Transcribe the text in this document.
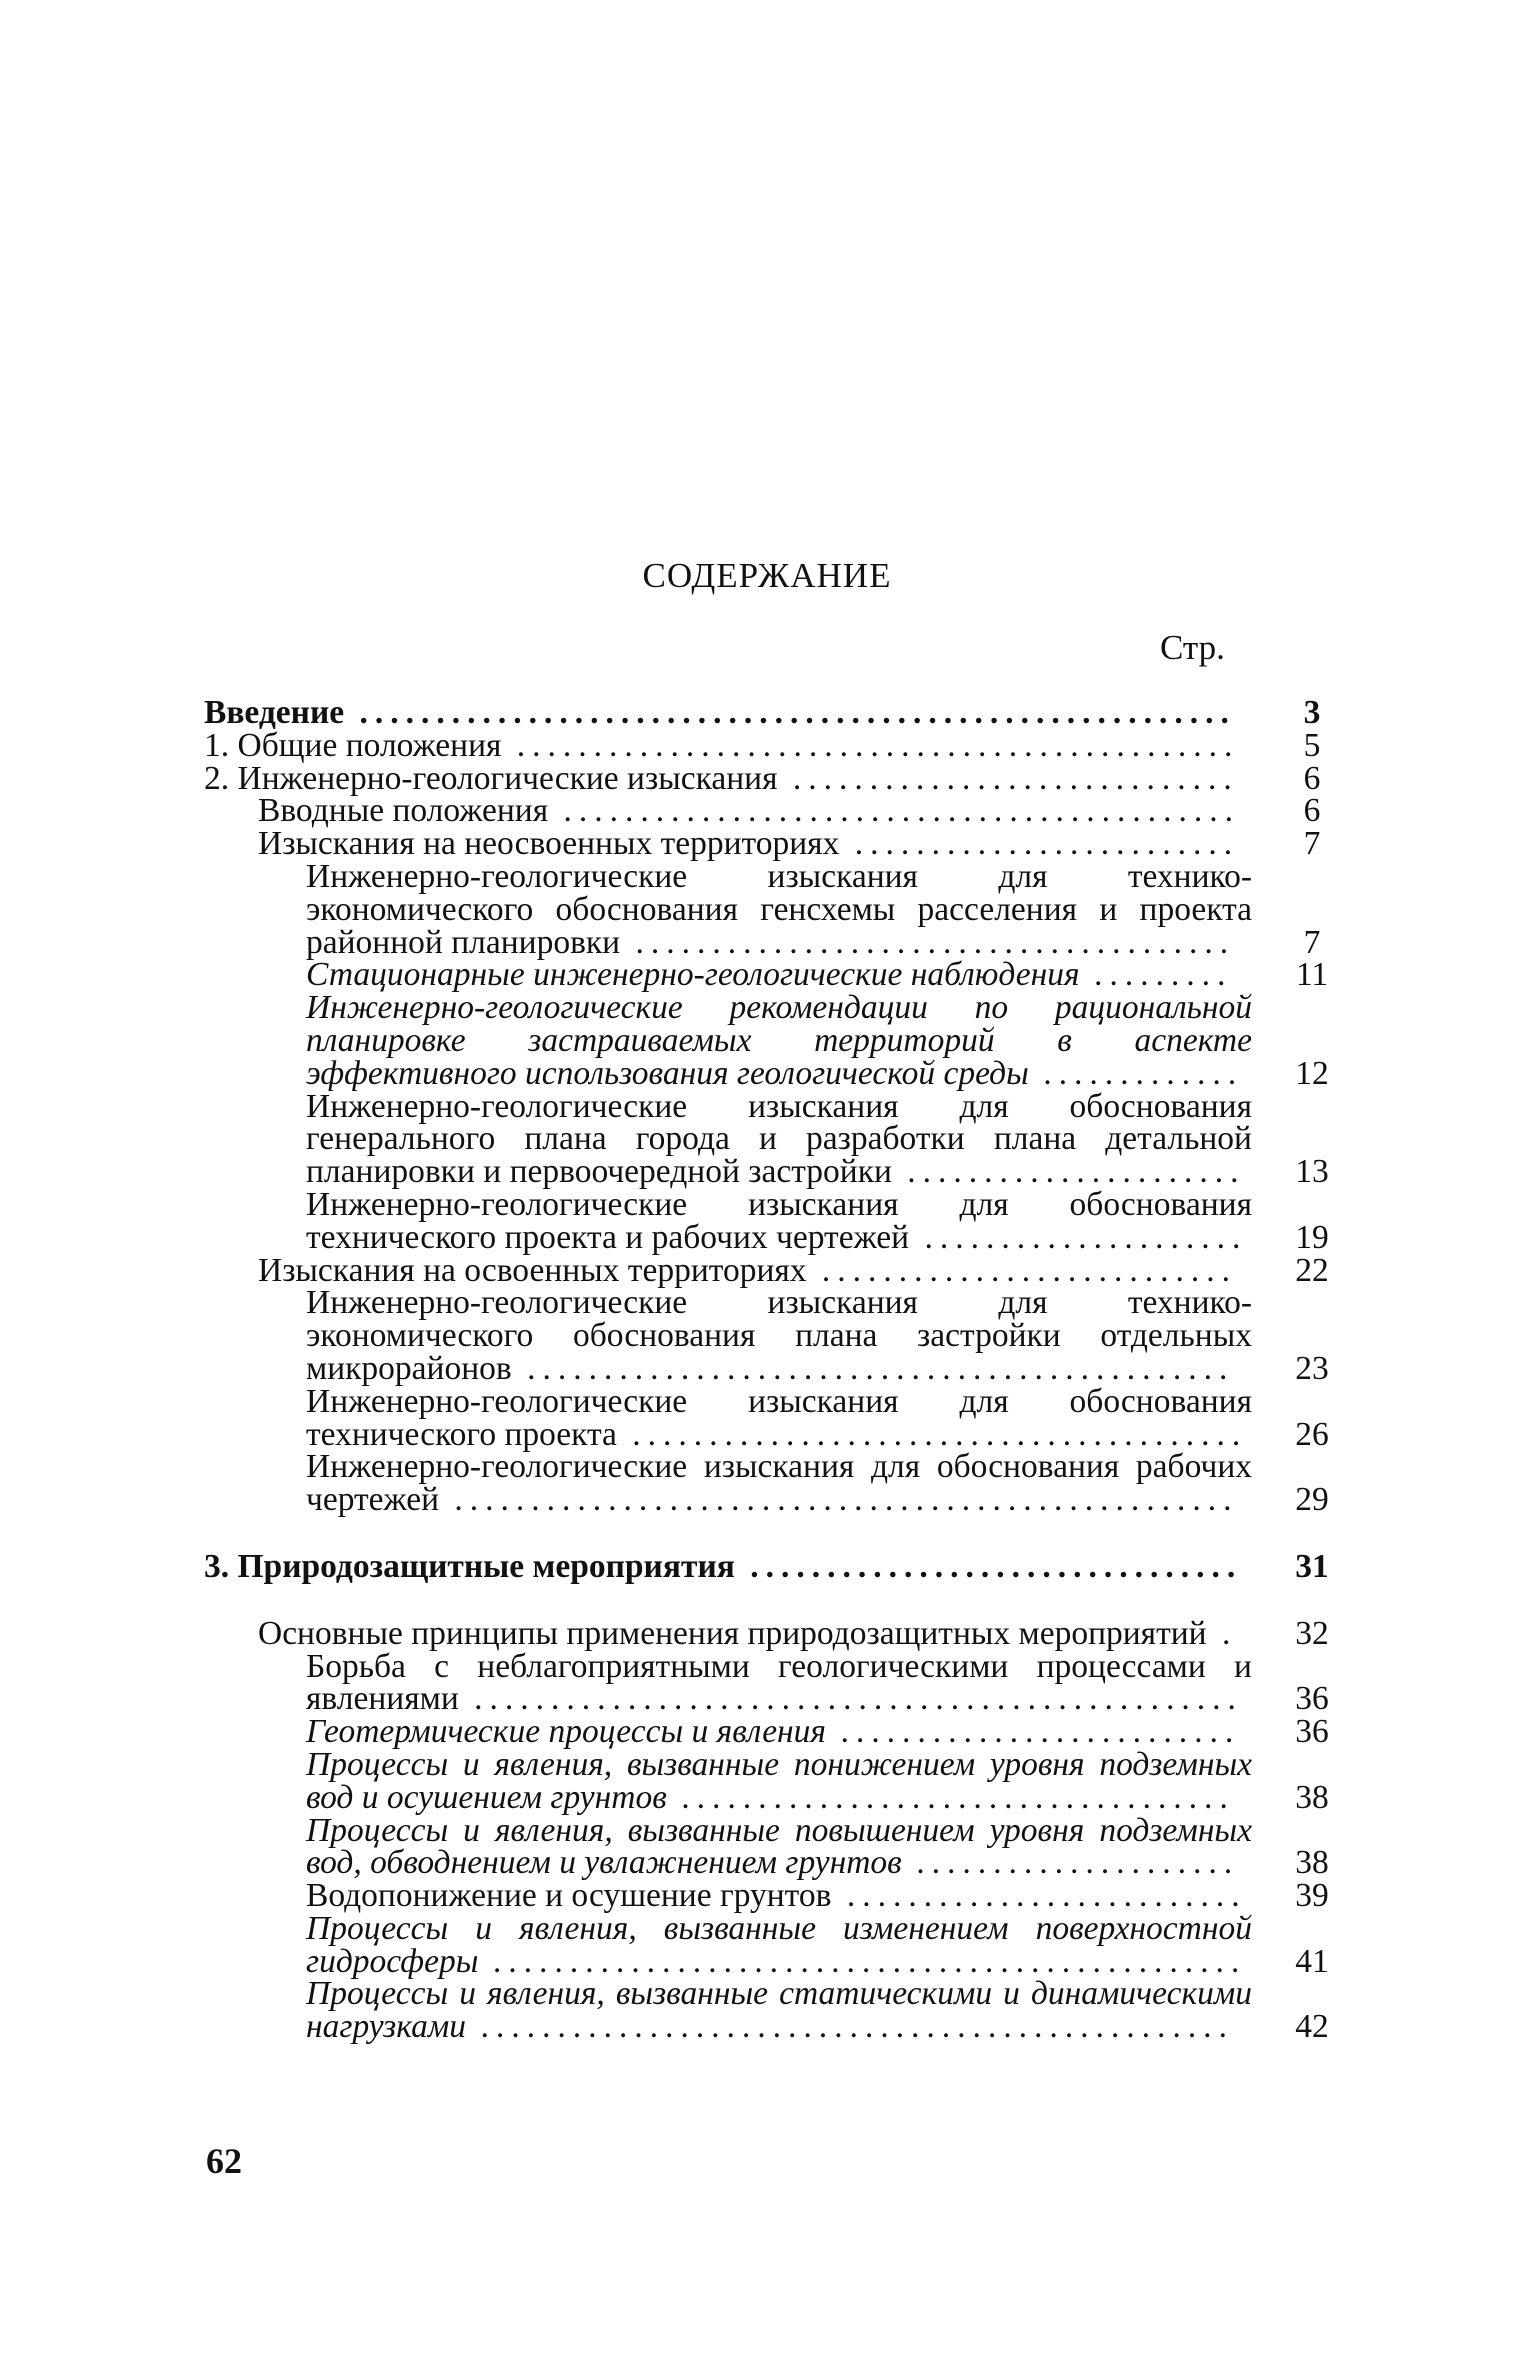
СОДЕРЖАНИЕ
Стр.
Введение .........................................................	3
1. Общие положения ...............................................	5
2. Инженерно-геологические изыскания .............................	6
Вводные положения ............................................	6
Изыскания на неосвоенных территориях .........................	7
Инженерно-геологические изыскания для технико-экономического обоснования генсхемы расселения и проекта районной планировки .......................................	7
Стационарные инженерно-геологические наблюдения .........	11
Инженерно-геологические рекомендации по рациональной планировке застраиваемых территорий в аспекте эффективного использования геологической среды ............. 12
Инженерно-геологические изыскания для обоснования генерального плана города и разработки плана детальной планировки и первоочередной застройки ...................... 13
Инженерно-геологические изыскания для обоснования технического проекта и рабочих чертежей ..................... 19
Изыскания на освоенных территориях ...........................	22
Инженерно-геологические изыскания для технико-экономического обоснования плана застройки отдельных микрорайонов ..............................................	23
Инженерно-геологические изыскания для обоснования технического проекта ........................................ 26
Инженерно-геологические изыскания для обоснования рабочих чертежей ...................................................	29
3. Природозащитные мероприятия ................................ 31
Основные принципы применения природозащитных мероприятий .	32
Борьба с неблагоприятными геологическими процессами и явлениями .................................................. 36
Геотермические процессы и явления ..........................	36
Процессы и явления, вызванные понижением уровня подземных вод и осушением грунтов ....................................	38
Процессы и явления, вызванные повышением уровня подземных вод, обводнением и увлажнением грунтов .....................	38
Водопонижение и осушение грунтов .......................... 39
Процессы и явления, вызванные изменением поверхностной гидросферы ................................................. 41
Процессы и явления, вызванные статическими и динамическими нагрузками .................................................	42
62
